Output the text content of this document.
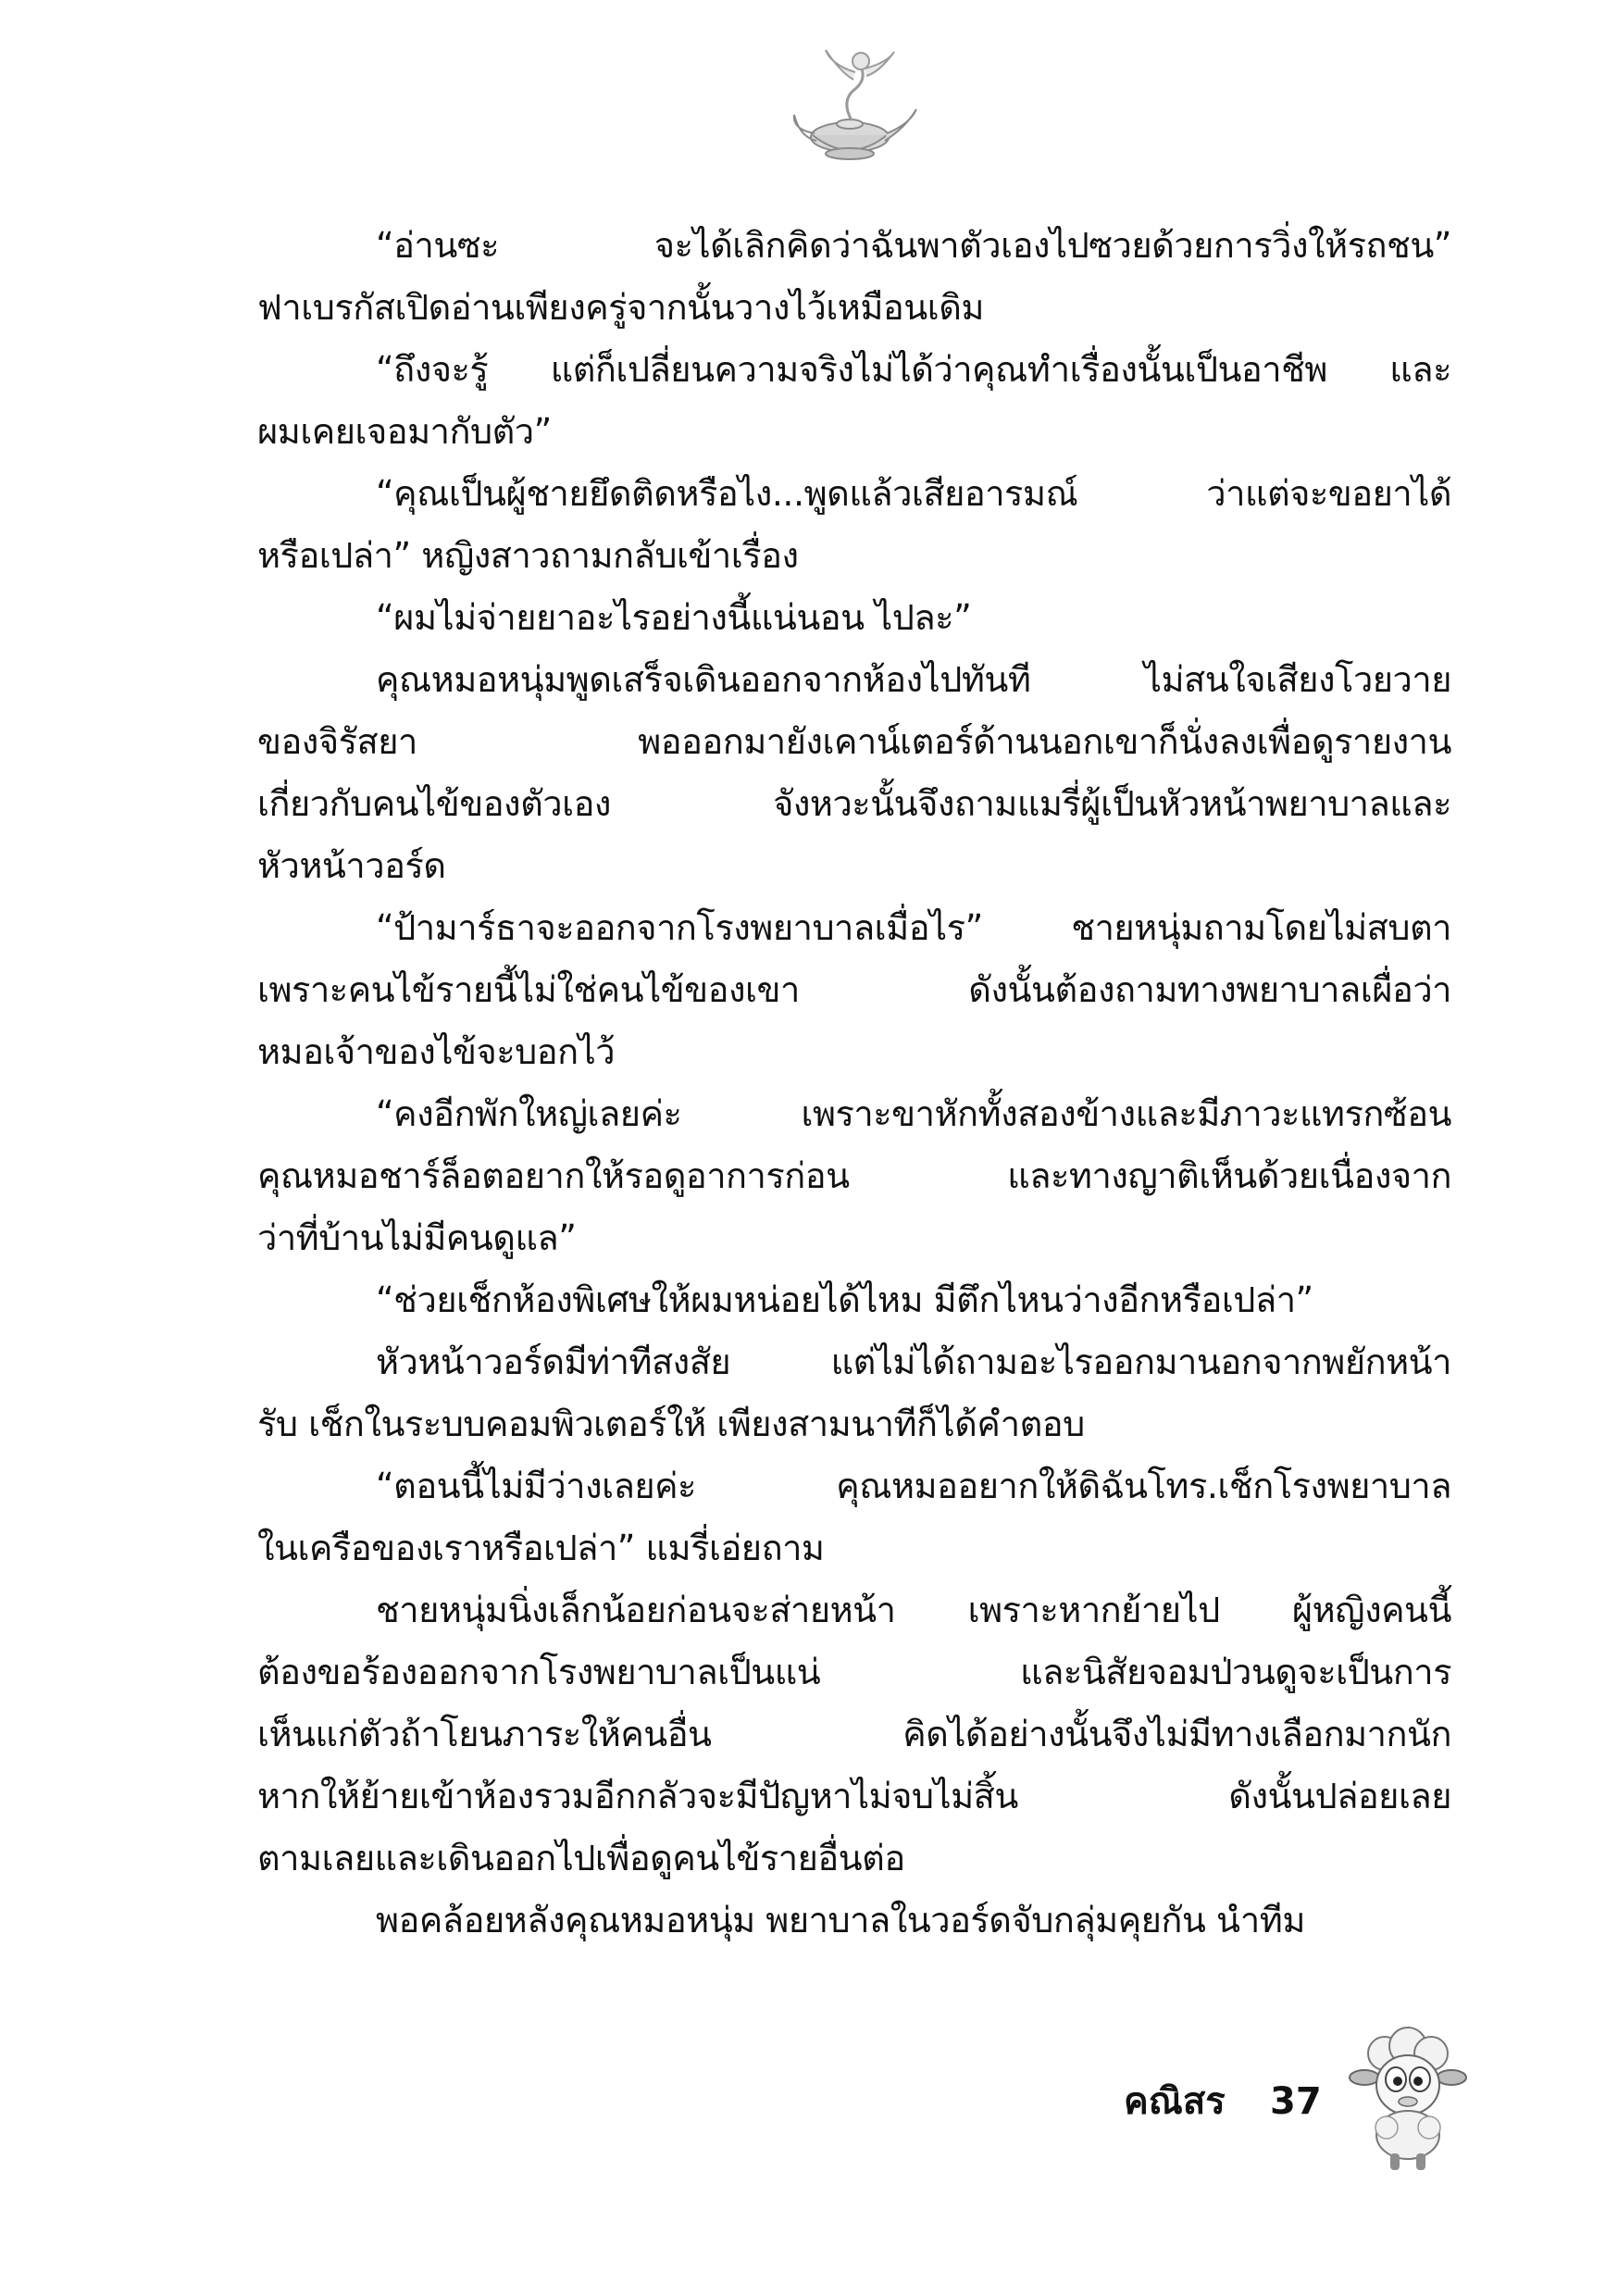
“อ่านซะ จะได้เลิกคิดว่าฉันพาตัวเองไปซวยด้วยการวิ่งให้รถชน”
ฟาเบรกัสเปิดอ่านเพียงครู่จากนั้นวางไว้เหมือนเดิม
“ถึงจะรู้ แต่ก็เปลี่ยนความจริงไม่ได้ว่าคุณทำเรื่องนั้นเป็นอาชีพ และ
ผมเคยเจอมากับตัว”
“คุณเป็นผู้ชายยึดติดหรือไง...พูดแล้วเสียอารมณ์ ว่าแต่จะขอยาได้
หรือเปล่า” หญิงสาวถามกลับเข้าเรื่อง
“ผมไม่จ่ายยาอะไรอย่างนี้แน่นอน ไปละ”
คุณหมอหนุ่มพูดเสร็จเดินออกจากห้องไปทันที ไม่สนใจเสียงโวยวาย
ของจิรัสยา พอออกมายังเคาน์เตอร์ด้านนอกเขาก็นั่งลงเพื่อดูรายงาน
เกี่ยวกับคนไข้ของตัวเอง จังหวะนั้นจึงถามแมรี่ผู้เป็นหัวหน้าพยาบาลและ
หัวหน้าวอร์ด
“ป้ามาร์ธาจะออกจากโรงพยาบาลเมื่อไร” ชายหนุ่มถามโดยไม่สบตา
เพราะคนไข้รายนี้ไม่ใช่คนไข้ของเขา ดังนั้นต้องถามทางพยาบาลเผื่อว่า
หมอเจ้าของไข้จะบอกไว้
“คงอีกพักใหญ่เลยค่ะ เพราะขาหักทั้งสองข้างและมีภาวะแทรกซ้อน
คุณหมอชาร์ล็อตอยากให้รอดูอาการก่อน และทางญาติเห็นด้วยเนื่องจาก
ว่าที่บ้านไม่มีคนดูแล”
“ช่วยเช็กห้องพิเศษให้ผมหน่อยได้ไหม มีตึกไหนว่างอีกหรือเปล่า”
หัวหน้าวอร์ดมีท่าทีสงสัย แต่ไม่ได้ถามอะไรออกมานอกจากพยักหน้า
รับ เช็กในระบบคอมพิวเตอร์ให้ เพียงสามนาทีก็ได้คำตอบ
“ตอนนี้ไม่มีว่างเลยค่ะ คุณหมออยากให้ดิฉันโทร.เช็กโรงพยาบาล
ในเครือของเราหรือเปล่า” แมรี่เอ่ยถาม
ชายหนุ่มนิ่งเล็กน้อยก่อนจะส่ายหน้า เพราะหากย้ายไป ผู้หญิงคนนี้
ต้องขอร้องออกจากโรงพยาบาลเป็นแน่ และนิสัยจอมป่วนดูจะเป็นการ
เห็นแก่ตัวถ้าโยนภาระให้คนอื่น คิดได้อย่างนั้นจึงไม่มีทางเลือกมากนัก
หากให้ย้ายเข้าห้องรวมอีกกลัวจะมีปัญหาไม่จบไม่สิ้น ดังนั้นปล่อยเลย
ตามเลยและเดินออกไปเพื่อดูคนไข้รายอื่นต่อ
พอคล้อยหลังคุณหมอหนุ่ม พยาบาลในวอร์ดจับกลุ่มคุยกัน นำทีม
คณิสร 37
